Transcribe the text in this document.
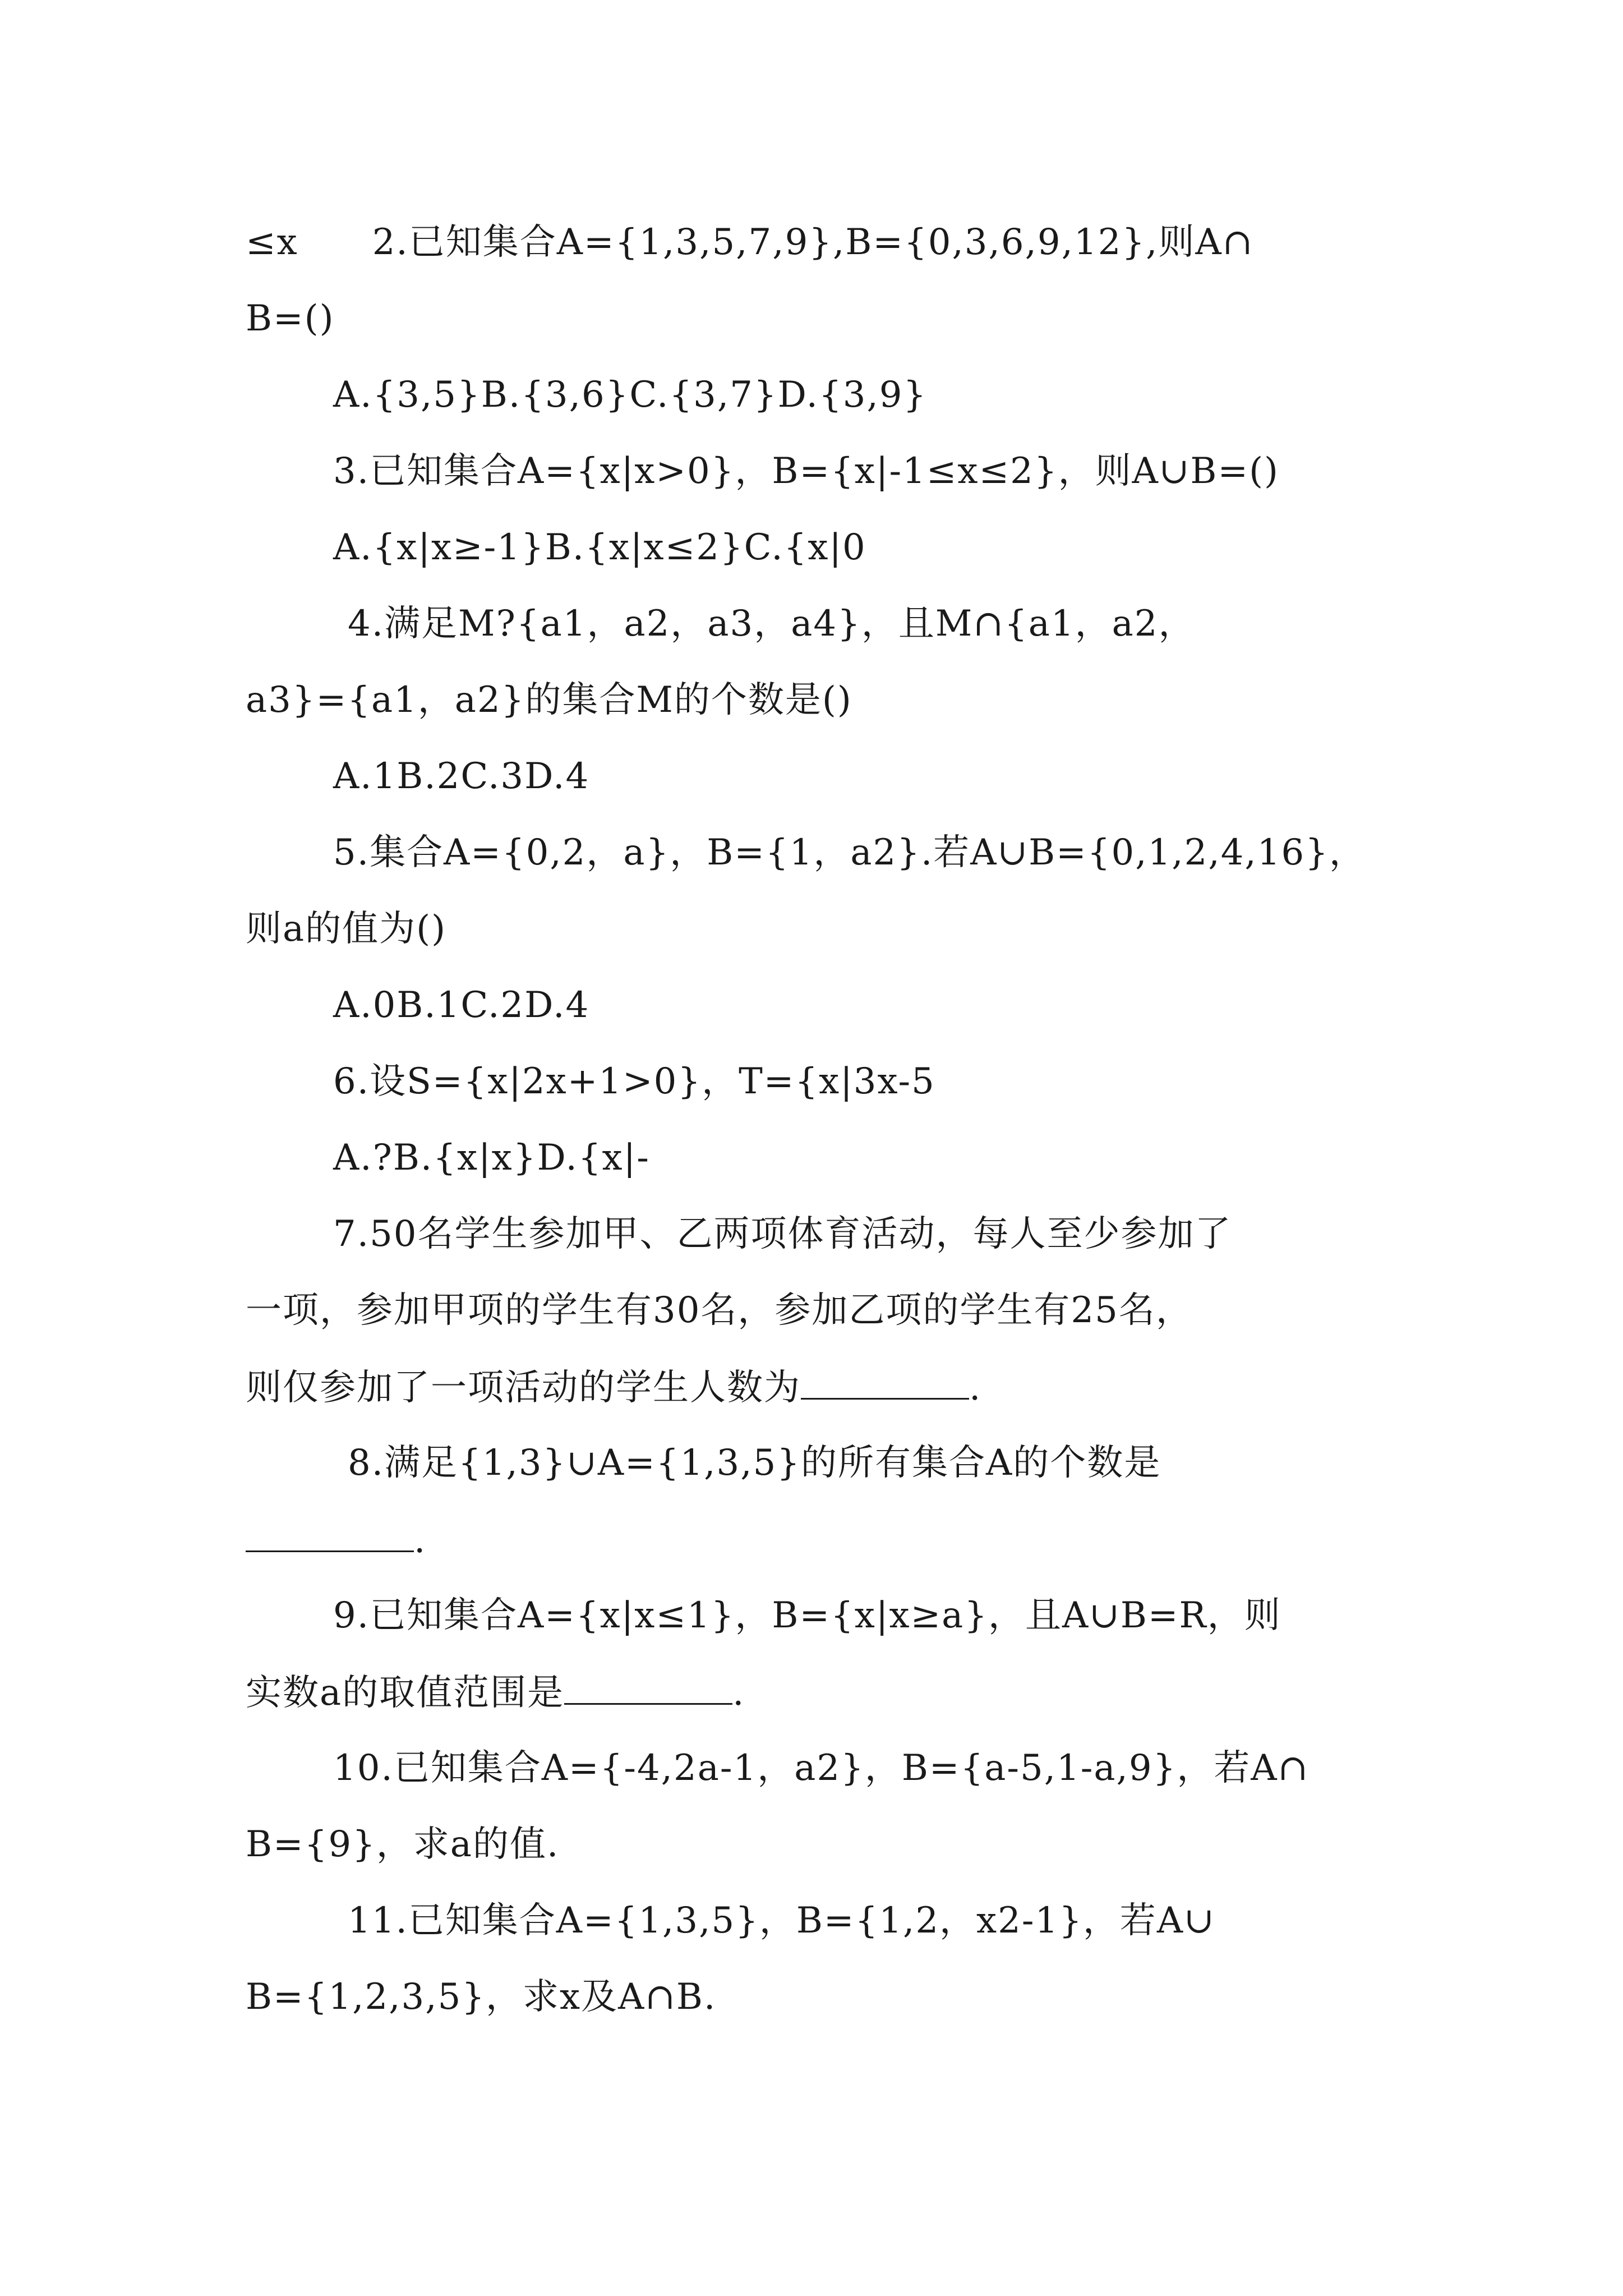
≤x　　2.已知集合A={1,3,5,7,9},B={0,3,6,9,12},则A∩
B=()
A.{3,5}B.{3,6}C.{3,7}D.{3,9}
3.已知集合A={x|x>0}，B={x|-1≤x≤2}，则A∪B=()
A.{x|x≥-1}B.{x|x≤2}C.{x|0
4.满足M?{a1，a2，a3，a4}，且M∩{a1，a2，
a3}={a1，a2}的集合M的个数是()
A.1B.2C.3D.4
5.集合A={0,2，a}，B={1，a2}.若A∪B={0,1,2,4,16}，
则a的值为()
A.0B.1C.2D.4
6.设S={x|2x+1>0}，T={x|3x-5
A.?B.{x|x}D.{x|-
7.50名学生参加甲、乙两项体育活动，每人至少参加了
一项，参加甲项的学生有30名，参加乙项的学生有25名，
则仅参加了一项活动的学生人数为	.
8.满足{1,3}∪A={1,3,5}的所有集合A的个数是
.
9.已知集合A={x|x≤1}，B={x|x≥a}，且A∪B=R，则
实数a的取值范围是	.
10.已知集合A={-4,2a-1，a2}，B={a-5,1-a,9}，若A∩
B={9}，求a的值.
11.已知集合A={1,3,5}，B={1,2，x2-1}，若A∪
B={1,2,3,5}，求x及A∩B.
